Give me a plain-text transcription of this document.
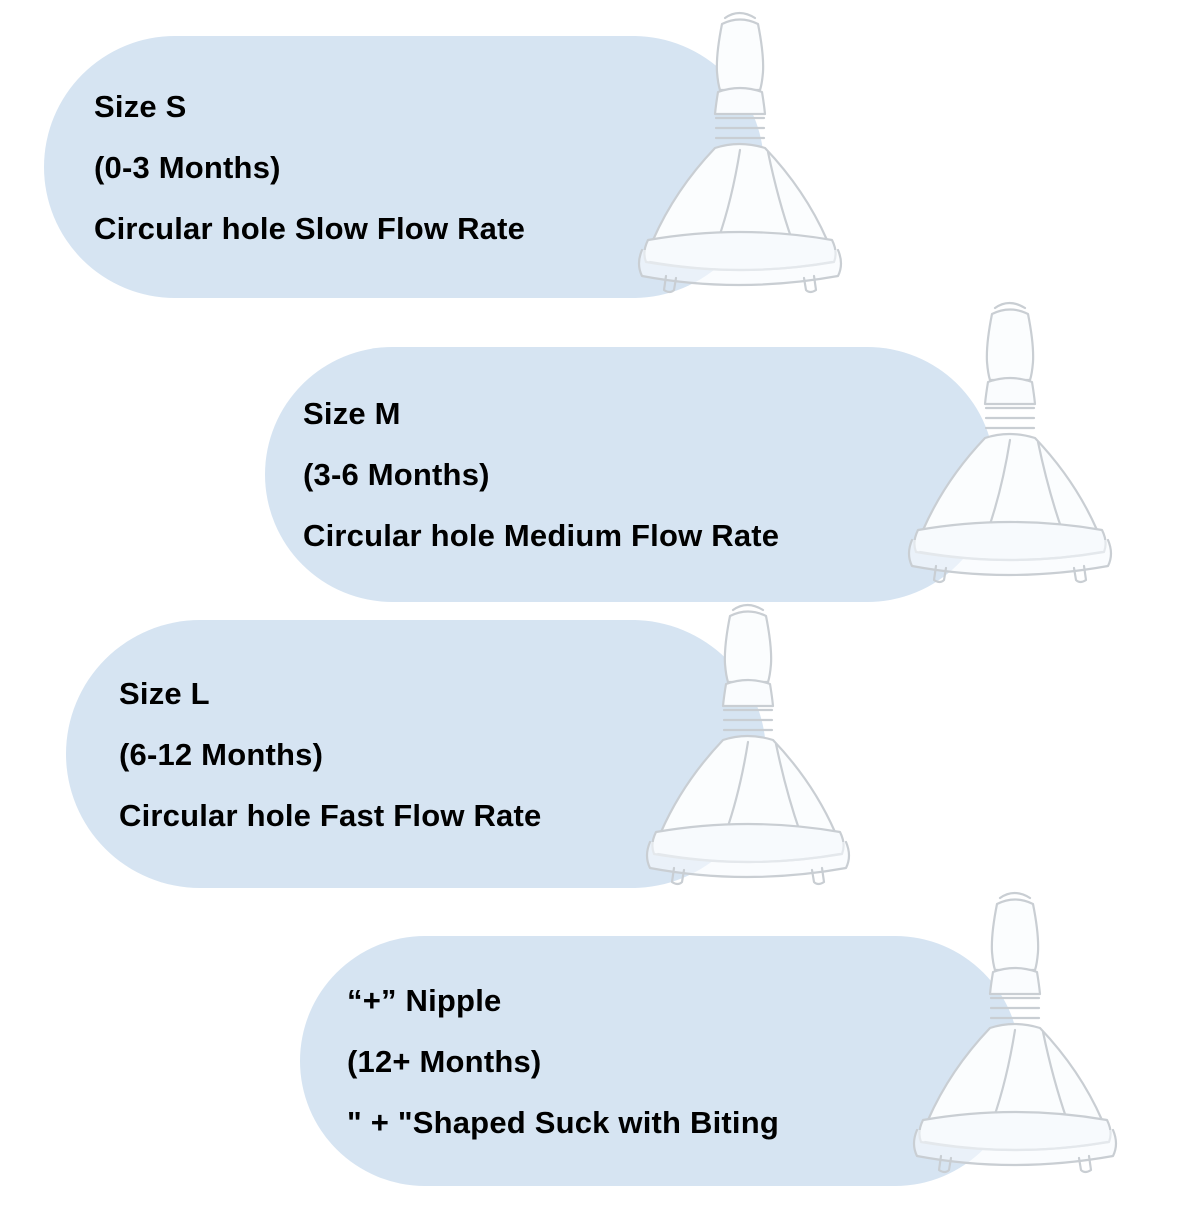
Size S
(0-3 Months)
Circular hole Slow Flow Rate
Size M
(3-6 Months)
Circular hole Medium Flow Rate
Size L
(6-12 Months)
Circular hole Fast Flow Rate
“+” Nipple
(12+ Months)
" + "Shaped Suck with Biting
